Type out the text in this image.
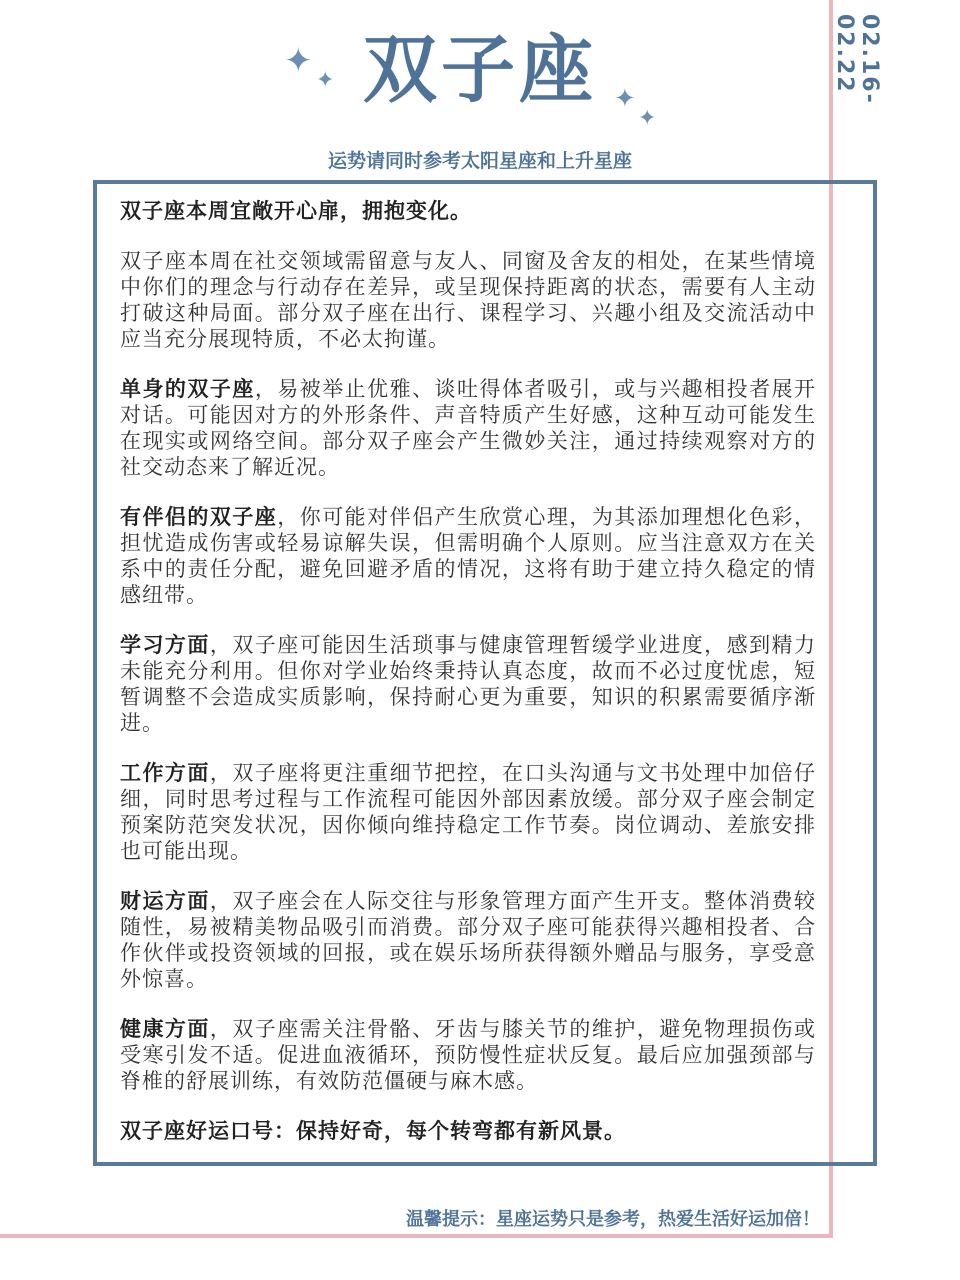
02.16-02.22
✦ ✦
✦
✦
双子座
运势请同时参考太阳星座和上升星座

双子座本周宜敞开心扉，拥抱变化。

双子座本周在社交领域需留意与友人、同窗及舍友的相处，在某些情境中你们的理念与行动存在差异，或呈现保持距离的状态，需要有人主动打破这种局面。部分双子座在出行、课程学习、兴趣小组及交流活动中应当充分展现特质，不必太拘谨。

单身的双子座，易被举止优雅、谈吐得体者吸引，或与兴趣相投者展开对话。可能因对方的外形条件、声音特质产生好感，这种互动可能发生在现实或网络空间。部分双子座会产生微妙关注，通过持续观察对方的社交动态来了解近况。

有伴侣的双子座，你可能对伴侣产生欣赏心理，为其添加理想化色彩，担忧造成伤害或轻易谅解失误，但需明确个人原则。应当注意双方在关系中的责任分配，避免回避矛盾的情况，这将有助于建立持久稳定的情感纽带。

学习方面，双子座可能因生活琐事与健康管理暂缓学业进度，感到精力未能充分利用。但你对学业始终秉持认真态度，故而不必过度忧虑，短暂调整不会造成实质影响，保持耐心更为重要，知识的积累需要循序渐进。

工作方面，双子座将更注重细节把控，在口头沟通与文书处理中加倍仔细，同时思考过程与工作流程可能因外部因素放缓。部分双子座会制定预案防范突发状况，因你倾向维持稳定工作节奏。岗位调动、差旅安排也可能出现。

财运方面，双子座会在人际交往与形象管理方面产生开支。整体消费较随性，易被精美物品吸引而消费。部分双子座可能获得兴趣相投者、合作伙伴或投资领域的回报，或在娱乐场所获得额外赠品与服务，享受意外惊喜。

健康方面，双子座需关注骨骼、牙齿与膝关节的维护，避免物理损伤或受寒引发不适。促进血液循环，预防慢性症状反复。最后应加强颈部与脊椎的舒展训练，有效防范僵硬与麻木感。

双子座好运口号：保持好奇，每个转弯都有新风景。

温馨提示：星座运势只是参考，热爱生活好运加倍！
